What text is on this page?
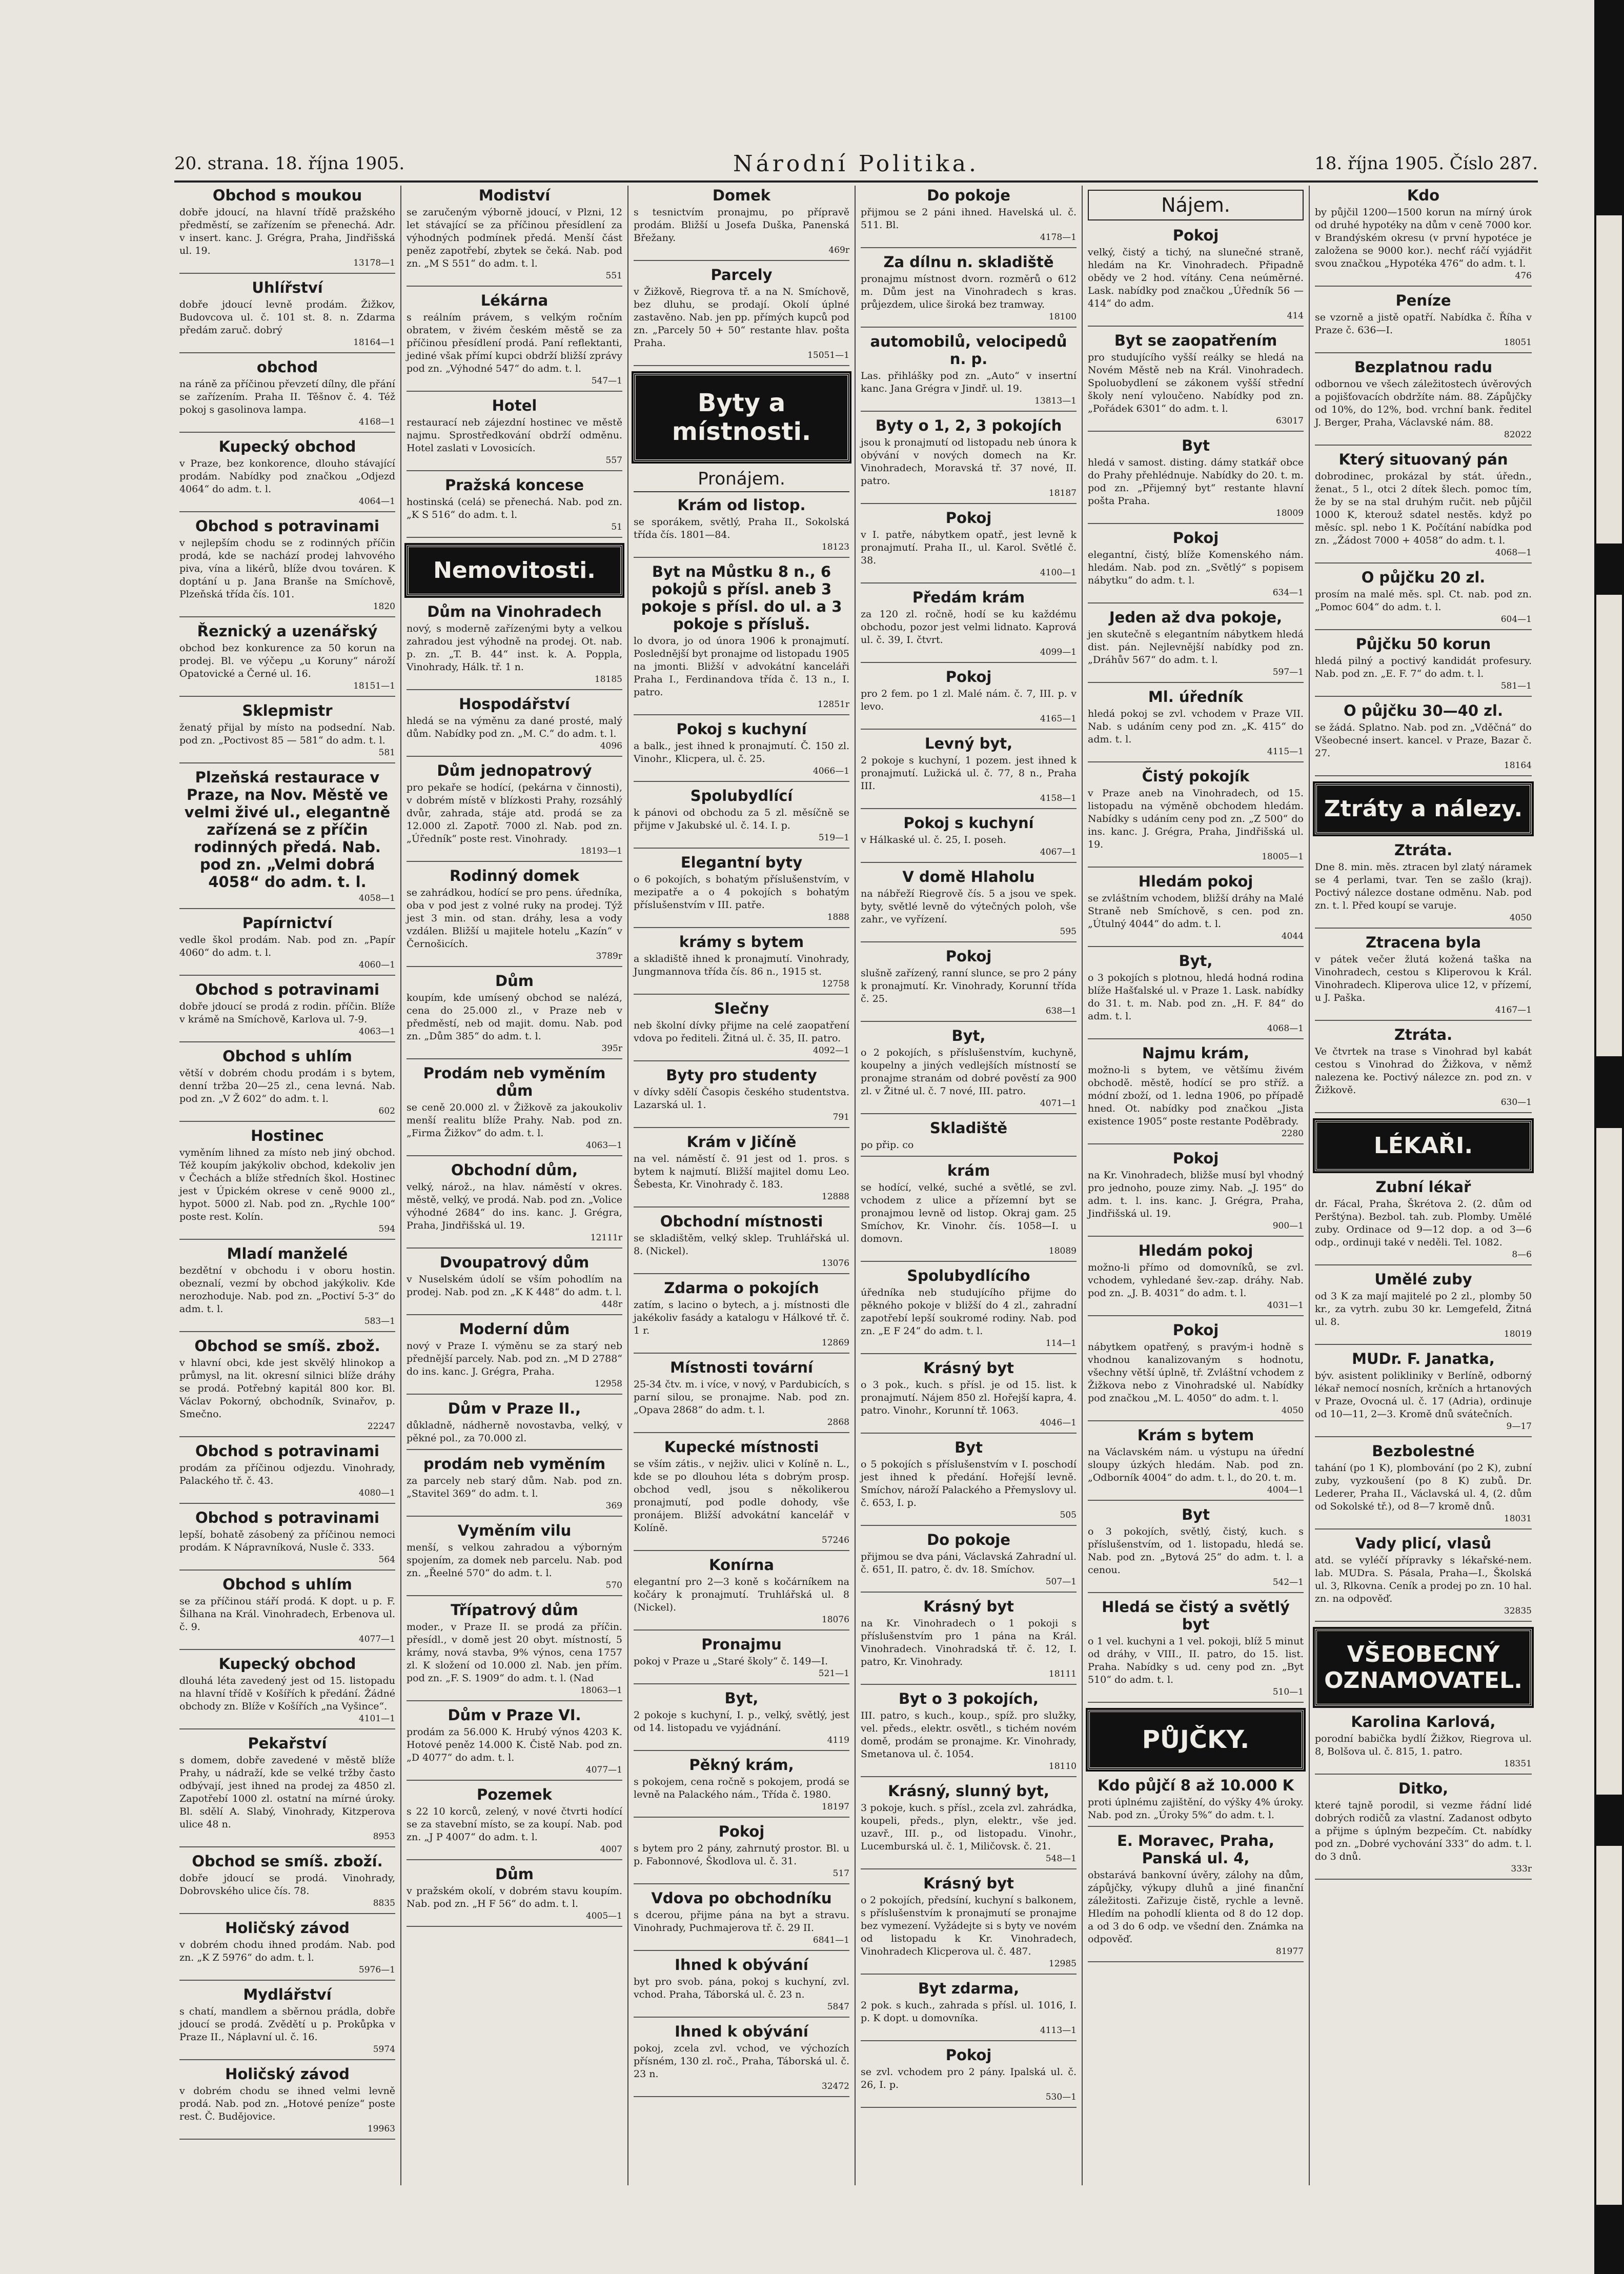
20. strana. 18. října 1905.	Národní Politika.	18. října 1905. Číslo 287.
Obchod s moukou
dobře jdoucí, na hlavní třídě pražského předměstí, se zařízením se přenechá. Adr. v insert. kanc. J. Grégra, Praha, Jindřišská ul. 19.
13178—1
Uhlířství
dobře jdoucí levně prodám. Žižkov, Budovcova ul. č. 101 st. 8. n. Zdarma předám zaruč. dobrý
18164—1
obchod
na ráně za příčinou převzetí dílny, dle přání se zařízením. Praha II. Těšnov č. 4. Též pokoj s gasolinova lampa.
4168—1
Kupecký obchod
v Praze, bez konkorence, dlouho stávající prodám. Nabídky pod značkou „Odjezd 4064“ do adm. t. l.
4064—1
Obchod s potravinami
v nejlepším chodu se z rodinných příčin prodá, kde se nachází prodej lahvového piva, vína a likérů, blíže dvou továren. K doptání u p. Jana Branše na Smíchově, Plzeňská třída čís. 101.
1820
Řeznický a uzenářský
obchod bez konkurence za 50 korun na prodej. Bl. ve výčepu „u Koruny“ nároží Opatovické a Černé ul. 16.
18151—1
Sklepmistr
ženatý přijal by místo na podsední. Nab. pod zn. „Poctivost 85 — 581“ do adm. t. l.
581
Plzeňská restaurace v Praze, na Nov. Městě ve velmi živé ul., elegantně zařízená se z příčin rodinných předá. Nab. pod zn. „Velmi dobrá 4058“ do adm. t. l.
4058—1
Papírnictví
vedle škol prodám. Nab. pod zn. „Papír 4060“ do adm. t. l.
4060—1
Obchod s potravinami
dobře jdoucí se prodá z rodin. příčin. Blíže v krámě na Smíchově, Karlova ul. 7-9.
4063—1
Obchod s uhlím
větší v dobrém chodu prodám i s bytem, denní tržba 20—25 zl., cena levná. Nab. pod zn. „V Ž 602“ do adm. t. l.
602
Hostinec
vyměním lihned za místo neb jiný obchod. Též koupím jakýkoliv obchod, kdekoliv jen v Čechách a blíže středních škol. Hostinec jest v Úpickém okrese v ceně 9000 zl., hypot. 5000 zl. Nab. pod zn. „Rychle 100“ poste rest. Kolín.
594
Mladí manželé
bezdětní v obchodu i v oboru hostin. obeznalí, vezmí by obchod jakýkoliv. Kde nerozhoduje. Nab. pod zn. „Poctiví 5-3“ do adm. t. l.
583—1
Obchod se smíš. zbož.
v hlavní obci, kde jest skvělý hlinokop a průmysl, na lit. okresní silnici blíže dráhy se prodá. Potřebný kapitál 800 kor. Bl. Václav Pokorný, obchodník, Svinařov, p. Smečno.
22247
Obchod s potravinami
prodám za příčinou odjezdu. Vinohrady, Palackého tř. č. 43.
4080—1
Obchod s potravinami
lepší, bohatě zásobený za příčinou nemoci prodám. K Nápravníková, Nusle č. 333.
564
Obchod s uhlím
se za příčinou stáří prodá. K dopt. u p. F. Šilhana na Král. Vinohradech, Erbenova ul. č. 9.
4077—1
Kupecký obchod
dlouhá léta zavedený jest od 15. listopadu na hlavní třídě v Košířích k předání. Žádné obchody zn. Blíže v Košířích „na Vyšince“.
4101—1
Pekařství
s domem, dobře zavedené v městě blíže Prahy, u nádraží, kde se velké tržby často odbývají, jest ihned na prodej za 4850 zl. Zapotřebí 1000 zl. ostatní na mírné úroky. Bl. sdělí A. Slabý, Vinohrady, Kitzperova ulice 48 n.
8953
Obchod se smíš. zboží.
dobře jdoucí se prodá. Vinohrady, Dobrovského ulice čís. 78.
8835
Holičský závod
v dobrém chodu ihned prodám. Nab. pod zn. „K Z 5976“ do adm. t. l.
5976—1
Mydlářství
s chatí, mandlem a sběrnou prádla, dobře jdoucí se prodá. Zvědětí u p. Prokůpka v Praze II., Náplavní ul. č. 16.
5974
Holičský závod
v dobrém chodu se ihned velmi levně prodá. Nab. pod zn. „Hotové peníze“ poste rest. Č. Budějovice.
19963
Modiství
se zaručeným výborně jdoucí, v Plzni, 12 let stávající se za příčinou přesídlení za výhodných podmínek předá. Menší část peněz zapotřebí, zbytek se čeká. Nab. pod zn. „M S 551“ do adm. t. l.
551
Lékárna
s reálním právem, s velkým ročním obratem, v živém českém městě se za příčinou přesídlení prodá. Paní reflektanti, jediné však přímí kupci obdrží bližší zprávy pod zn. „Výhodné 547“ do adm. t. l.
547—1
Hotel
restaurací neb zájezdní hostinec ve městě najmu. Sprostředkování obdrží odměnu. Hotel zaslati v Lovosicích.
557
Pražská koncese
hostinská (celá) se přenechá. Nab. pod zn. „K S 516“ do adm. t. l.
51
Nemovitosti.
Dům na Vinohradech
nový, s moderně zařízenými byty a velkou zahradou jest výhodně na prodej. Ot. nab. p. zn. „T. B. 44“ inst. k. A. Poppla, Vinohrady, Hálk. tř. 1 n.
18185
Hospodářství
hledá se na výměnu za dané prosté, malý dům. Nabídky pod zn. „M. C.“ do adm. t. l.
4096
Dům jednopatrový
pro pekaře se hodící, (pekárna v činnosti), v dobrém místě v blízkosti Prahy, rozsáhlý dvůr, zahrada, stáje atd. prodá se za 12.000 zl. Zapotř. 7000 zl. Nab. pod zn. „Úředník“ poste rest. Vinohrady.
18193—1
Rodinný domek
se zahrádkou, hodící se pro pens. úředníka, oba v pod jest z volné ruky na prodej. Týž jest 3 min. od stan. dráhy, lesa a vody vzdálen. Bližší u majitele hotelu „Kazín“ v Černošicích.
3789r
Dům
koupím, kde umísený obchod se nalézá, cena do 25.000 zl., v Praze neb v předměstí, neb od majit. domu. Nab. pod zn. „Dům 385“ do adm. t. l.
395r
Prodám neb vyměním dům
se ceně 20.000 zl. v Žižkově za jakoukoliv menší realitu blíže Prahy. Nab. pod zn. „Firma Žižkov“ do adm. t. l.
4063—1
Obchodní dům,
velký, nárož., na hlav. náměstí v okres. městě, velký, ve prodá. Nab. pod zn. „Volice výhodné 2684“ do ins. kanc. J. Grégra, Praha, Jindřišská ul. 19.
12111r
Dvoupatrový dům
v Nuselském údolí se vším pohodlím na prodej. Nab. pod zn. „K K 448“ do adm. t. l.
448r
Moderní dům
nový v Praze I. výměnu se za starý neb přednější parcely. Nab. pod zn. „M D 2788“ do ins. kanc. J. Grégra, Praha.
12958
Dům v Praze II.,
důkladně, nádherně novostavba, velký, v pěkné pol., za 70.000 zl.
prodám neb vyměním
za parcely neb starý dům. Nab. pod zn. „Stavitel 369“ do adm. t. l.
369
Vyměním vilu
menší, s velkou zahradou a výborným spojením, za domek neb parcelu. Nab. pod zn. „Řeelné 570“ do adm. t. l.
570
Třípatrový dům
moder., v Praze II. se prodá za příčin. přesídl., v domě jest 20 obyt. místností, 5 krámy, nová stavba, 9% výnos, cena 1757 zl. K složení od 10.000 zl. Nab. jen přím. pod zn. „F. S. 1909“ do adm. t. l. (Nad
18063—1
Dům v Praze VI.
prodám za 56.000 K. Hrubý výnos 4203 K. Hotové peněz 14.000 K. Čistě Nab. pod zn. „D 4077“ do adm. t. l.
4077—1
Pozemek
s 22 10 korců, zelený, v nové čtvrti hodící se za stavební místo, se za koupí. Nab. pod zn. „J P 4007“ do adm. t. l.
4007
Dům
v pražském okolí, v dobrém stavu koupím. Nab. pod zn. „H F 56“ do adm. t. l.
4005—1
Domek
s tesnictvím pronajmu, po přípravě prodám. Bližší u Josefa Duška, Panenská Břežany.
469r
Parcely
v Žižkově, Riegrova tř. a na N. Smíchově, bez dluhu, se prodají. Okolí úplné zastavěno. Nab. jen pp. přímých kupců pod zn. „Parcely 50 + 50“ restante hlav. pošta Praha.
15051—1
Byty a místnosti.
Pronájem.
Krám od listop.
se sporákem, světlý, Praha II., Sokolská třída čís. 1801—84.
18123
Byt na Můstku 8 n., 6 pokojů s přísl. aneb 3 pokoje s přísl. do ul. a 3 pokoje s přísluš.
lo dvora, jo od února 1906 k pronajmutí. Poslednější byt pronajme od listopadu 1905 na jmonti. Bližší v advokátní kanceláři Praha I., Ferdinandova třída č. 13 n., I. patro.
12851r
Pokoj s kuchyní
a balk., jest ihned k pronajmutí. Č. 150 zl. Vinohr., Klicpera, ul. č. 25.
4066—1
Spolubydlící
k pánovi od obchodu za 5 zl. měsíčně se přijme v Jakubské ul. č. 14. I. p.
519—1
Elegantní byty
o 6 pokojích, s bohatým příslušenstvím, v mezipatře a o 4 pokojích s bohatým příslušenstvím v III. patře.
1888
krámy s bytem
a skladiště ihned k pronajmutí. Vinohrady, Jungmannova třída čís. 86 n., 1915 st.
12758
Slečny
neb školní dívky přijme na celé zaopatření vdova po řediteli. Žitná ul. č. 35, II. patro.
4092—1
Byty pro studenty
v dívky sdělí Časopis českého studentstva. Lazarská ul. 1.
791
Krám v Jičíně
na vel. náměstí č. 91 jest od 1. pros. s bytem k najmutí. Bližší majitel domu Leo. Šebesta, Kr. Vinohrady č. 183.
12888
Obchodní místnosti
se skladištěm, velký sklep. Truhlářská ul. 8. (Nickel).
13076
Zdarma o pokojích
zatím, s lacino o bytech, a j. místnosti dle jakékoliv fasády a katalogu v Hálkové tř. č. 1 r.
12869
Místnosti tovární
25-34 čtv. m. i více, v nový, v Pardubicích, s parní silou, se pronajme. Nab. pod zn. „Opava 2868“ do adm. t. l.
2868
Kupecké místnosti
se vším zátis., v nejživ. ulici v Kolíně n. L., kde se po dlouhou léta s dobrým prosp. obchod vedl, jsou s několikerou pronajmutí, pod podle dohody, vše pronájem. Bližší advokátní kancelář v Kolíně.
57246
Konírna
elegantní pro 2—3 koně s kočárníkem na kočáry k pronajmutí. Truhlářská ul. 8 (Nickel).
18076
Pronajmu
pokoj v Praze u „Staré školy“ č. 149—I.
521—1
Byt,
2 pokoje s kuchyní, I. p., velký, světlý, jest od 14. listopadu ve vyjádnání.
4119
Pěkný krám,
s pokojem, cena ročně s pokojem, prodá se levně na Palackého nám., Třída č. 1980.
18197
Pokoj
s bytem pro 2 pány, zahrnutý prostor. Bl. u p. Fabonnové, Škodlova ul. č. 31.
517
Vdova po obchodníku
s dcerou, přijme pána na byt a stravu. Vinohrady, Puchmajerova tř. č. 29 II.
6841—1
Ihned k obývání
byt pro svob. pána, pokoj s kuchyní, zvl. vchod. Praha, Táborská ul. č. 23 n.
5847
Ihned k obývání
pokoj, zcela zvl. vchod, ve výchozích přísném, 130 zl. roč., Praha, Táborská ul. č. 23 n.
32472
Do pokoje
přijmou se 2 páni ihned. Havelská ul. č. 511. Bl.
4178—1
Za dílnu n. skladiště
pronajmu místnost dvorn. rozměrů o 612 m. Dům jest na Vinohradech s kras. průjezdem, ulice široká bez tramway.
18100
automobilů, velocipedů n. p.
Las. přihlášky pod zn. „Auto“ v insertní kanc. Jana Grégra v Jindř. ul. 19.
13813—1
Byty o 1, 2, 3 pokojích
jsou k pronajmutí od listopadu neb února k obývání v nových domech na Kr. Vinohradech, Moravská tř. 37 nové, II. patro.
18187
Pokoj
v I. patře, nábytkem opatř., jest levně k pronajmutí. Praha II., ul. Karol. Světlé č. 38.
4100—1
Předám krám
za 120 zl. ročně, hodí se ku každému obchodu, pozor jest velmi lidnato. Kaprová ul. č. 39, I. čtvrt.
4099—1
Pokoj
pro 2 fem. po 1 zl. Malé nám. č. 7, III. p. v levo.
4165—1
Levný byt,
2 pokoje s kuchyní, 1 pozem. jest ihned k pronajmutí. Lužická ul. č. 77, 8 n., Praha III.
4158—1
Pokoj s kuchyní
v Hálkaské ul. č. 25, I. poseh.
4067—1
V domě Hlaholu
na nábřeží Riegrově čís. 5 a jsou ve spek. byty, světlé levně do výtečných poloh, vše zahr., ve vyřízení.
595
Pokoj
slušně zařízený, ranní slunce, se pro 2 pány k pronajmutí. Kr. Vinohrady, Korunní třída č. 25.
638—1
Byt,
o 2 pokojích, s příslušenstvím, kuchyně, koupelny a jiných vedlejších místností se pronajme stranám od dobré pověstí za 900 zl. v Žitné ul. č. 7 nové, III. patro.
4071—1
Skladiště
po přip. co
krám
se hodící, velké, suché a světlé, se zvl. vchodem z ulice a přízemní byt se pronajmou levně od listop. Okraj gam. 25 Smíchov, Kr. Vinohr. čís. 1058—I. u domovn.
18089
Spolubydlícího
úředníka neb studujícího přijme do pěkného pokoje v bližší do 4 zl., zahradní zapotřebí lepší soukromé rodiny. Nab. pod zn. „E F 24“ do adm. t. l.
114—1
Krásný byt
o 3 pok., kuch. s přísl. je od 15. list. k pronajmutí. Nájem 850 zl. Hořejší kapra, 4. patro. Vinohr., Korunní tř. 1063.
4046—1
Byt
o 5 pokojích s příslušenstvím v I. poschodí jest ihned k předání. Hořejší levně. Smíchov, nároží Palackého a Přemyslovy ul. č. 653, I. p.
505
Do pokoje
přijmou se dva páni, Václavská Zahradní ul. č. 651, II. patro, č. dv. 18. Smíchov.
507—1
Krásný byt
na Kr. Vinohradech o 1 pokoji s příslušenstvím pro 1 pána na Král. Vinohradech. Vinohradská tř. č. 12, I. patro, Kr. Vinohrady.
18111
Byt o 3 pokojích,
III. patro, s kuch., koup., spíž. pro služky, vel. předs., elektr. osvětl., s tichém novém domě, prodám se pronajme. Kr. Vinohrady, Smetanova ul. č. 1054.
18110
Krásný, slunný byt,
3 pokoje, kuch. s přísl., zcela zvl. zahrádka, koupeli, předs., plyn, elektr., vše jed. uzavř., III. p., od listopadu. Vinohr., Lucemburská ul. č. 1, Miličovsk. č. 21.
548—1
Krásný byt
o 2 pokojích, předsíní, kuchyní s balkonem, s příslušenstvím k pronajmutí se pronajme bez vymezení. Vyžádejte si s byty ve novém od listopadu k Kr. Vinohradech, Vinohradech Klicperova ul. č. 487.
12985
Byt zdarma,
2 pok. s kuch., zahrada s přísl. ul. 1016, I. p. K dopt. u domovníka.
4113—1
Pokoj
se zvl. vchodem pro 2 pány. Ipalská ul. č. 26, I. p.
530—1
Nájem.
Pokoj
velký, čistý a tichý, na slunečné straně, hledám na Kr. Vinohradech. Připadně obědy ve 2 hod. vítány. Cena neúměrné. Lask. nabídky pod značkou „Úředník 56 — 414“ do adm.
414
Byt se zaopatřením
pro studujícího vyšší reálky se hledá na Novém Městě neb na Král. Vinohradech. Spoluobydlení se zákonem vyšší střední školy není vyloučeno. Nabídky pod zn. „Pořádek 6301“ do adm. t. l.
63017
Byt
hledá v samost. disting. dámy statkář obce do Prahy přehlédnuje. Nabídky do 20. t. m. pod zn. „Přijemný byt“ restante hlavní pošta Praha.
18009
Pokoj
elegantní, čistý, blíže Komenského nám. hledám. Nab. pod zn. „Světlý“ s popisem nábytku“ do adm. t. l.
634—1
Jeden až dva pokoje,
jen skutečně s elegantním nábytkem hledá dist. pán. Nejlevnější nabídky pod zn. „Dráhův 567“ do adm. t. l.
597—1
Ml. úředník
hledá pokoj se zvl. vchodem v Praze VII. Nab. s udáním ceny pod zn. „K. 415“ do adm. t. l.
4115—1
Čistý pokojík
v Praze aneb na Vinohradech, od 15. listopadu na výměně obchodem hledám. Nabídky s udáním ceny pod zn. „Z 500“ do ins. kanc. J. Grégra, Praha, Jindřišská ul. 19.
18005—1
Hledám pokoj
se zvláštním vchodem, bližší dráhy na Malé Straně neb Smíchově, s cen. pod zn. „Útulný 4044“ do adm. t. l.
4044
Byt,
o 3 pokojích s plotnou, hledá hodná rodina blíže Hašťalské ul. v Praze 1. Lask. nabídky do 31. t. m. Nab. pod zn. „H. F. 84“ do adm. t. l.
4068—1
Najmu krám,
možno-li s bytem, ve většímu živém obchodě. městě, hodící se pro stříž. a módní zboží, od 1. ledna 1906, po případě hned. Ot. nabídky pod značkou „Jista existence 1905“ poste restante Poděbrady.
2280
Pokoj
na Kr. Vinohradech, bližše musí byl vhodný pro jednoho, pouze zimy. Nab. „J. 195“ do adm. t. l. ins. kanc. J. Grégra, Praha, Jindřišská ul. 19.
900—1
Hledám pokoj
možno-li přímo od domovníků, se zvl. vchodem, vyhledané šev.-zap. dráhy. Nab. pod zn. „J. B. 4031“ do adm. t. l.
4031—1
Pokoj
nábytkem opatřený, s pravým-i hodně s vhodnou kanalizovaným s hodnotu, všechny větší úplně, tř. Zvláštní vchodem z Žižkova nebo z Vinohradské ul. Nabídky pod značkou „M. L. 4050“ do adm. t. l.
4050
Krám s bytem
na Václavském nám. u výstupu na úřední sloupy úzkých hledám. Nab. pod zn. „Odborník 4004“ do adm. t. l., do 20. t. m.
4004—1
Byt
o 3 pokojích, světlý, čistý, kuch. s příslušenstvím, od 1. listopadu, hledá se. Nab. pod zn. „Bytová 25“ do adm. t. l. a cenou.
542—1
Hledá se čistý a světlý byt
o 1 vel. kuchyni a 1 vel. pokoji, blíž 5 minut od dráhy, v VIII., II. patro, do 15. list. Praha. Nabídky s ud. ceny pod zn. „Byt 510“ do adm. t. l.
510—1
PŮJČKY.
Kdo půjčí 8 až 10.000 K
proti úplnému zajištění, do výšky 4% úroky. Nab. pod zn. „Úroky 5%“ do adm. t. l.
E. Moravec, Praha, Panská ul. 4,
obstarává bankovní úvěry, zálohy na dům, zápůjčky, výkupy dluhů a jiné finanční záležitosti. Zařizuje čistě, rychle a levně. Hledím na pohodlí klienta od 8 do 12 dop. a od 3 do 6 odp. ve všední den. Známka na odpověď.
81977
Kdo
by půjčil 1200—1500 korun na mírný úrok od druhé hypotéky na dům v ceně 7000 kor. v Brandýském okresu (v první hypotéce je založena se 9000 kor.). nechť ráčí vyjádřit svou značkou „Hypotéka 476“ do adm. t. l.
476
Peníze
se vzorně a jistě opatří. Nabídka č. Říha v Praze č. 636—I.
18051
Bezplatnou radu
odbornou ve všech záležitostech úvěrových a pojišťovacích obdržíte nám. 88. Zápůjčky od 10%, do 12%, bod. vrchní bank. ředitel J. Berger, Praha, Václavské nám. 88.
82022
Který situovaný pán
dobrodinec, prokázal by stát. úředn., ženat., 5 l., otci 2 dítek šlech. pomoc tím, že by se na stal druhým ručit. neb půjčil 1000 K, kterouž sdatel nestěs. když po měsíc. spl. nebo 1 K. Počítání nabídka pod zn. „Žádost 7000 + 4058“ do adm. t. l.
4068—1
O půjčku 20 zl.
prosím na malé měs. spl. Ct. nab. pod zn. „Pomoc 604“ do adm. t. l.
604—1
Půjčku 50 korun
hledá pilný a poctivý kandidát profesury. Nab. pod zn. „E. F. 7“ do adm. t. l.
581—1
O půjčku 30—40 zl.
se žádá. Splatno. Nab. pod zn. „Vděčná“ do Všeobecné insert. kancel. v Praze, Bazar č. 27.
18164
Ztráty a nálezy.
Ztráta.
Dne 8. min. měs. ztracen byl zlatý náramek se 4 perlami, tvar. Ten se zašlo (kraj). Poctivý nálezce dostane odměnu. Nab. pod zn. t. l. Před koupí se varuje.
4050
Ztracena byla
v pátek večer žlutá kožená taška na Vinohradech, cestou s Kliperovou k Král. Vinohradech. Kliperova ulice 12, v přízemí, u J. Paška.
4167—1
Ztráta.
Ve čtvrtek na trase s Vinohrad byl kabát cestou s Vinohrad do Žižkova, v němž nalezena ke. Poctivý nálezce zn. pod zn. v Žižkově.
630—1
LÉKAŘI.
Zubní lékař
dr. Fácal, Praha, Škrétova 2. (2. dům od Perštýna). Bezbol. tah. zub. Plomby. Umělé zuby. Ordinace od 9—12 dop. a od 3—6 odp., ordinuji také v neděli. Tel. 1082.
8—6
Umělé zuby
od 3 K za mají majitelé po 2 zl., plomby 50 kr., za vytrh. zubu 30 kr. Lemgefeld, Žitná ul. 8.
18019
MUDr. F. Janatka,
býv. asistent polikliniky v Berlíně, odborný lékař nemocí nosních, krčních a hrtanových v Praze, Ovocná ul. č. 17 (Adria), ordinuje od 10—11, 2—3. Kromě dnů svátečních.
9—17
Bezbolestné
tahání (po 1 K), plombování (po 2 K), zubní zuby, vyzkoušení (po 8 K) zubů. Dr. Lederer, Praha II., Václavská ul. 4, (2. dům od Sokolské tř.), od 8—7 kromě dnů.
18031
Vady plicí, vlasů
atd. se vyléčí přípravky s lékařské-nem. lab. MUDra. S. Pásala, Praha—I., Školská ul. 3, Rlkovna. Ceník a prodej po zn. 10 hal. zn. na odpověď.
32835
VŠEOBECNÝ OZNAMOVATEL.
Karolina Karlová,
porodní babička bydlí Žižkov, Riegrova ul. 8, Bolšova ul. č. 815, 1. patro.
18351
Ditko,
které tajně porodil, si vezme řádní lidé dobrých rodičů za vlastní. Zadanost odbyto a přijme s úplným bezpečím. Ct. nabídky pod zn. „Dobré vychování 333“ do adm. t. l. do 3 dnů.
333r
